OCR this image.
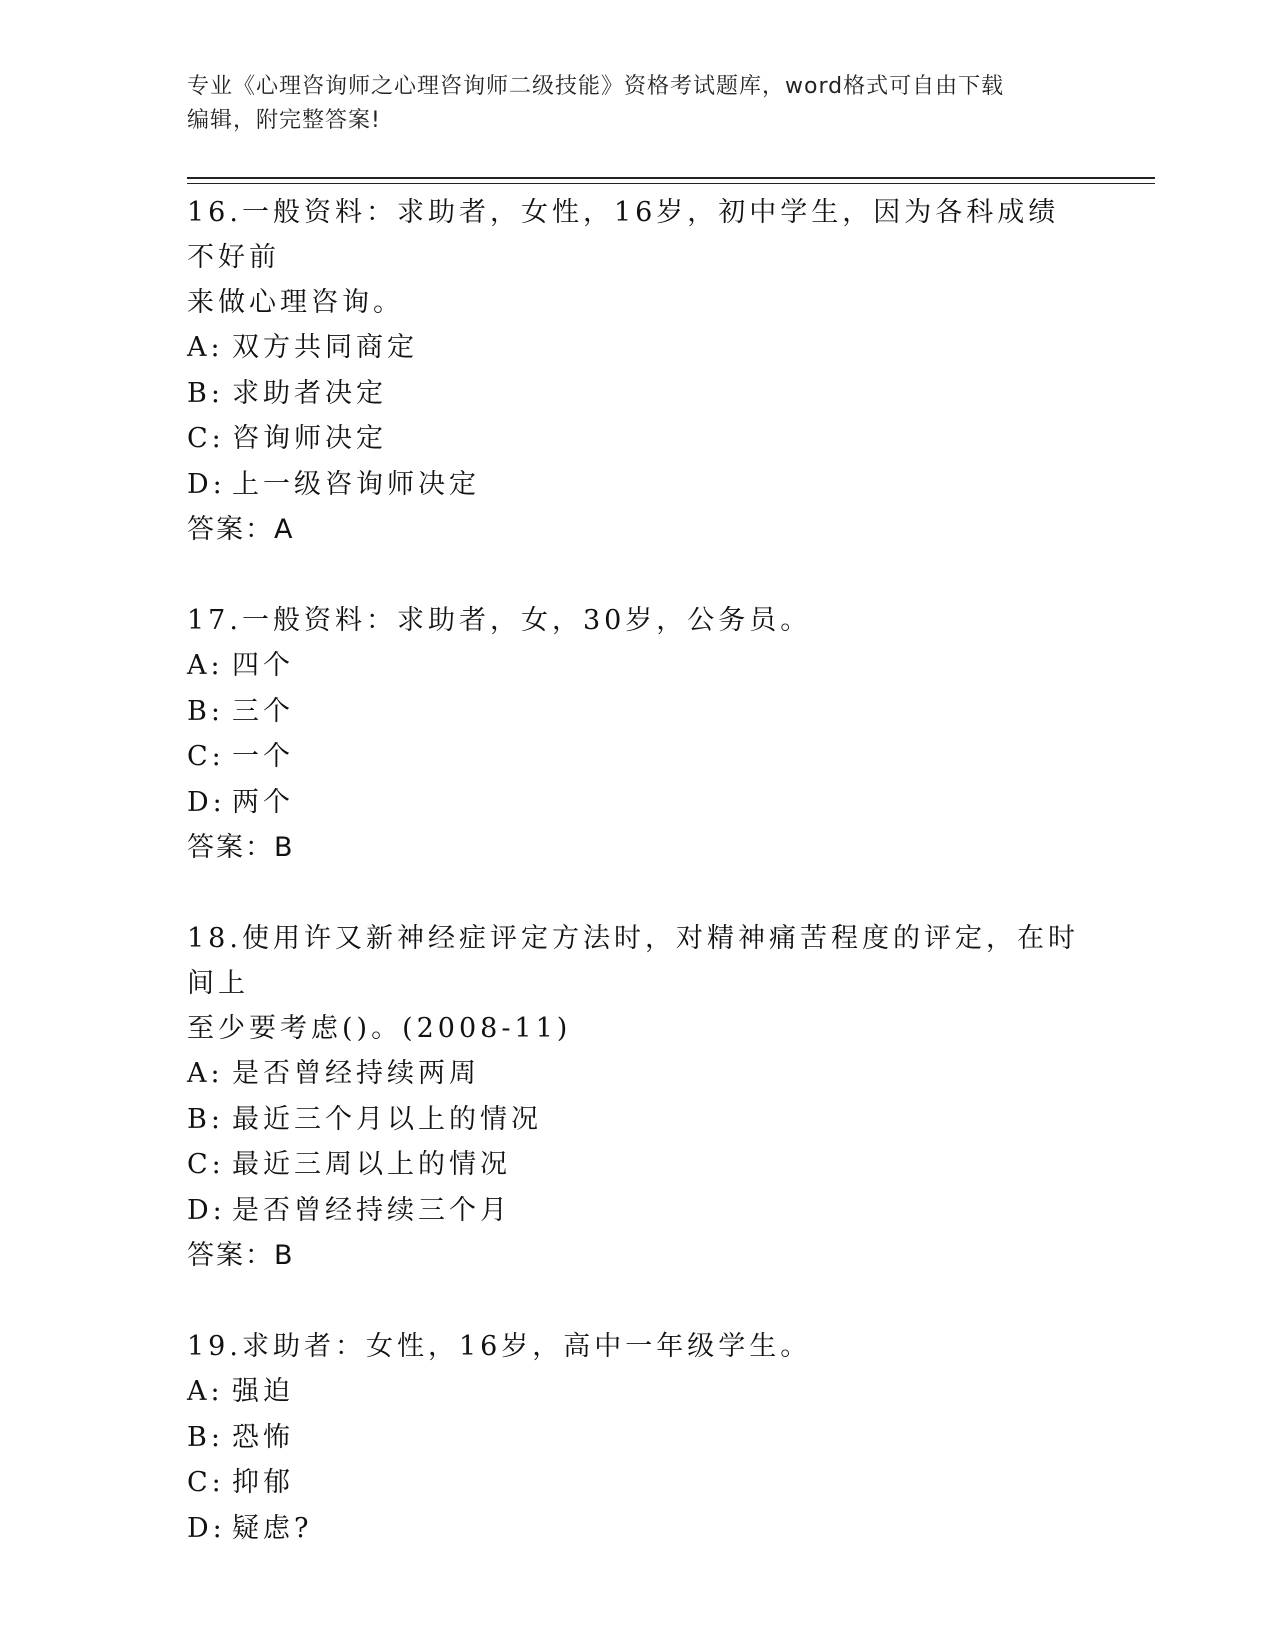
专业《心理咨询师之心理咨询师二级技能》资格考试题库，word格式可自由下载
编辑，附完整答案!

16.一般资料：求助者，女性，16岁，初中学生，因为各科成绩不好前

来做心理咨询。

A: 双方共同商定

B: 求助者决定

C: 咨询师决定

D: 上一级咨询师决定

答案：A

17.一般资料：求助者，女，30岁，公务员。

A: 四个

B: 三个

C: 一个

D: 两个

答案：B

18.使用许又新神经症评定方法时，对精神痛苦程度的评定，在时间上

至少要考虑()。(2008-11)

A: 是否曾经持续两周

B: 最近三个月以上的情况

C: 最近三周以上的情况

D: 是否曾经持续三个月

答案：B

19.求助者：女性，16岁，高中一年级学生。

A: 强迫

B: 恐怖

C: 抑郁

D: 疑虑?
